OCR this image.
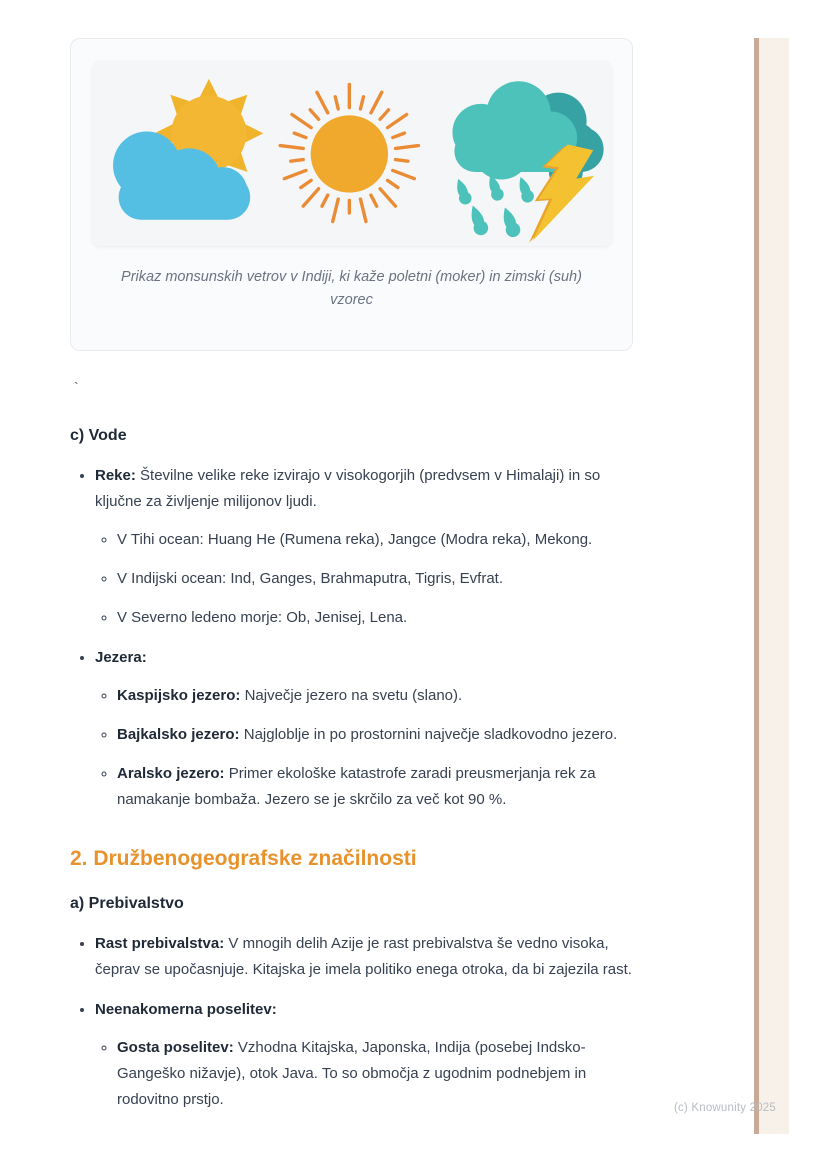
(c) Knowunity 2025
Prikaz monsunskih vetrov v Indiji, ki kaže poletni (moker) in zimski (suh) vzorec
`
c) Vode
• Reke: Številne velike reke izvirajo v visokogorjih (predvsem v Himalaji) in so ključne za življenje milijonov ljudi.
◦ V Tihi ocean: Huang He (Rumena reka), Jangce (Modra reka), Mekong.
◦ V Indijski ocean: Ind, Ganges, Brahmaputra, Tigris, Evfrat.
◦ V Severno ledeno morje: Ob, Jenisej, Lena.
• Jezera:
◦ Kaspijsko jezero: Največje jezero na svetu (slano).
◦ Bajkalsko jezero: Najgloblje in po prostornini največje sladkovodno jezero.
◦ Aralsko jezero: Primer ekološke katastrofe zaradi preusmerjanja rek za namakanje bombaža. Jezero se je skrčilo za več kot 90 %.
2. Družbenogeografske značilnosti
a) Prebivalstvo
• Rast prebivalstva: V mnogih delih Azije je rast prebivalstva še vedno visoka, čeprav se upočasnjuje. Kitajska je imela politiko enega otroka, da bi zajezila rast.
• Neenakomerna poselitev:
◦ Gosta poselitev: Vzhodna Kitajska, Japonska, Indija (posebej Indsko-Gangeško nižavje), otok Java. To so območja z ugodnim podnebjem in rodovitno prstjo.
